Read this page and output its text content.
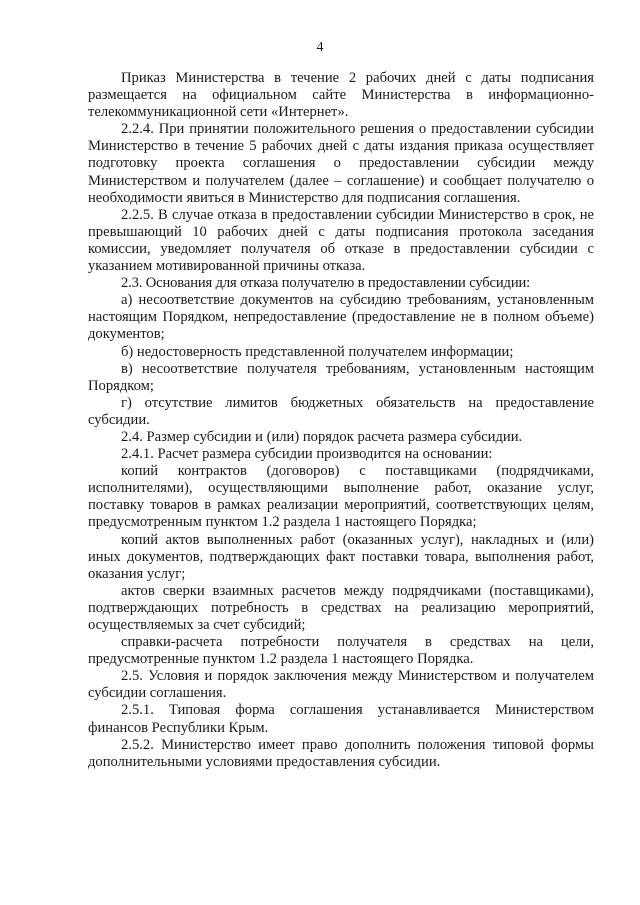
4

Приказ Министерства в течение 2 рабочих дней с даты подписания размещается на официальном сайте Министерства в информационно-телекоммуникационной сети «Интернет».

2.2.4. При принятии положительного решения о предоставлении субсидии Министерство в течение 5 рабочих дней с даты издания приказа осуществляет подготовку проекта соглашения о предоставлении субсидии между Министерством и получателем (далее – соглашение) и сообщает получателю о необходимости явиться в Министерство для подписания соглашения.

2.2.5. В случае отказа в предоставлении субсидии Министерство в срок, не превышающий 10 рабочих дней с даты подписания протокола заседания комиссии, уведомляет получателя об отказе в предоставлении субсидии с указанием мотивированной причины отказа.

2.3. Основания для отказа получателю в предоставлении субсидии:

а) несоответствие документов на субсидию требованиям, установленным настоящим Порядком, непредоставление (предоставление не в полном объеме) документов;

б) недостоверность представленной получателем информации;

в) несоответствие получателя требованиям, установленным настоящим Порядком;

г) отсутствие лимитов бюджетных обязательств на предоставление субсидии.

2.4. Размер субсидии и (или) порядок расчета размера субсидии.

2.4.1. Расчет размера субсидии производится на основании:

копий контрактов (договоров) с поставщиками (подрядчиками, исполнителями), осуществляющими выполнение работ, оказание услуг, поставку товаров в рамках реализации мероприятий, соответствующих целям, предусмотренным пунктом 1.2 раздела 1 настоящего Порядка;

копий актов выполненных работ (оказанных услуг), накладных и (или) иных документов, подтверждающих факт поставки товара, выполнения работ, оказания услуг;

актов сверки взаимных расчетов между подрядчиками (поставщиками), подтверждающих потребность в средствах на реализацию мероприятий, осуществляемых за счет субсидий;

справки-расчета потребности получателя в средствах на цели, предусмотренные пунктом 1.2 раздела 1 настоящего Порядка.

2.5. Условия и порядок заключения между Министерством и получателем субсидии соглашения.

2.5.1. Типовая форма соглашения устанавливается Министерством финансов Республики Крым.

2.5.2. Министерство имеет право дополнить положения типовой формы дополнительными условиями предоставления субсидии.
